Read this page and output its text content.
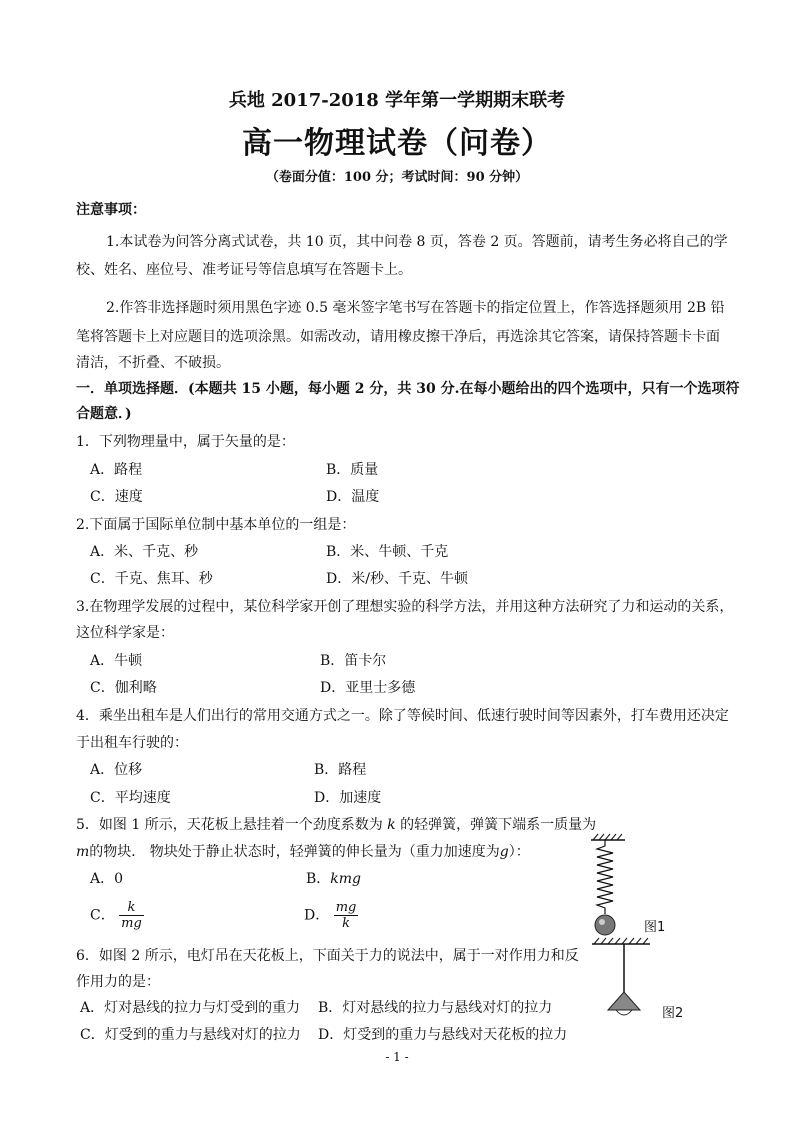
兵地 2017-2018 学年第一学期期末联考
高一物理试卷（问卷）
（卷面分值：100 分；考试时间：90 分钟）
注意事项：
1.本试卷为问答分离式试卷，共 10 页，其中问卷 8 页，答卷 2 页。答题前，请考生务必将自己的学
校、姓名、座位号、准考证号等信息填写在答题卡上。
2.作答非选择题时须用黑色字迹 0.5 毫米签字笔书写在答题卡的指定位置上，作答选择题须用 2B 铅
笔将答题卡上对应题目的选项涂黑。如需改动，请用橡皮擦干净后，再选涂其它答案，请保持答题卡卡面
清洁，不折叠、不破损。
一．单项选择题．(本题共 15 小题，每小题 2 分，共 30 分.在每小题给出的四个选项中，只有一个选项符
合题意．)
1．下列物理量中，属于矢量的是：
A．路程	B．质量
C．速度	D．温度
2.下面属于国际单位制中基本单位的一组是：
A．米、千克、秒	B．米、牛顿、千克
C．千克、焦耳、秒	D．米/秒、千克、牛顿
3.在物理学发展的过程中，某位科学家开创了理想实验的科学方法，并用这种方法研究了力和运动的关系，
这位科学家是：
A．牛顿	B．笛卡尔
C．伽利略	D．亚里士多德
4．乘坐出租车是人们出行的常用交通方式之一。除了等候时间、低速行驶时间等因素外，打车费用还决定
于出租车行驶的：
A．位移	B．路程
C．平均速度	D．加速度
5．如图 1 所示，天花板上悬挂着一个劲度系数为 k 的轻弹簧，弹簧下端系一质量为
m的物块． 物块处于静止状态时，轻弹簧的伸长量为（重力加速度为g）：
A．0	B．kmg
C． $\frac{k}{mg}$	D． $\frac{mg}{k}$
6．如图 2 所示，电灯吊在天花板上，下面关于力的说法中，属于一对作用力和反
作用力的是：
A．灯对悬线的拉力与灯受到的重力 B．灯对悬线的拉力与悬线对灯的拉力
C．灯受到的重力与悬线对灯的拉力 D．灯受到的重力与悬线对天花板的拉力
图1
图2
- 1 -
